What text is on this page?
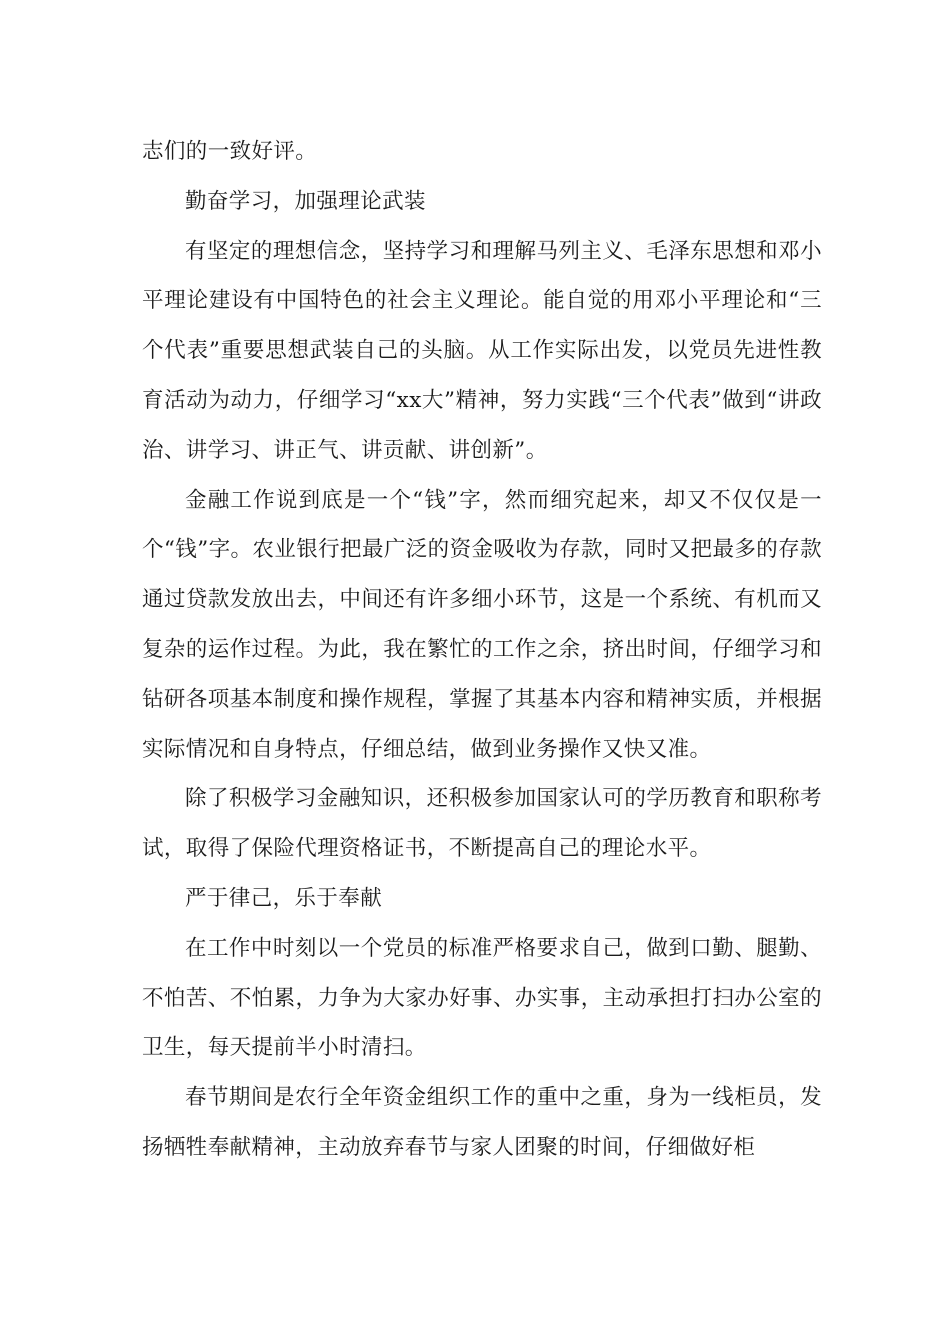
志们的一致好评。

勤奋学习，加强理论武装

有坚定的理想信念，坚持学习和理解马列主义、毛泽东思想和邓小平理论建设有中国特色的社会主义理论。能自觉的用邓小平理论和“三个代表”重要思想武装自己的头脑。从工作实际出发，以党员先进性教育活动为动力，仔细学习“xx大”精神，努力实践“三个代表”做到“讲政治、讲学习、讲正气、讲贡献、讲创新”。

金融工作说到底是一个“钱”字，然而细究起来，却又不仅仅是一个“钱”字。农业银行把最广泛的资金吸收为存款，同时又把最多的存款通过贷款发放出去，中间还有许多细小环节，这是一个系统、有机而又复杂的运作过程。为此，我在繁忙的工作之余，挤出时间，仔细学习和钻研各项基本制度和操作规程，掌握了其基本内容和精神实质，并根据实际情况和自身特点，仔细总结，做到业务操作又快又准。

除了积极学习金融知识，还积极参加国家认可的学历教育和职称考试，取得了保险代理资格证书，不断提高自己的理论水平。

严于律己，乐于奉献

在工作中时刻以一个党员的标准严格要求自己，做到口勤、腿勤、不怕苦、不怕累，力争为大家办好事、办实事，主动承担打扫办公室的卫生，每天提前半小时清扫。

春节期间是农行全年资金组织工作的重中之重，身为一线柜员，发扬牺牲奉献精神，主动放弃春节与家人团聚的时间，仔细做好柜
